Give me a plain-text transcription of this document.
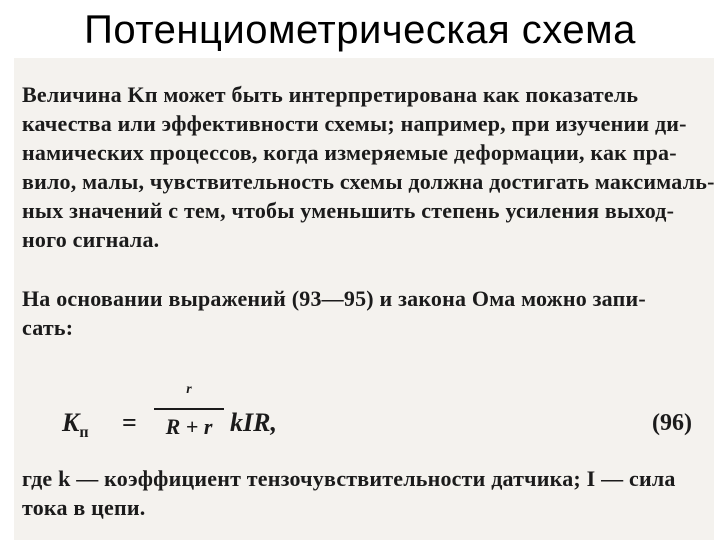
Потенциометрическая схема
Величина Kп может быть интерпретирована как показатель
качества или эффективности схемы; например, при изучении ди-
намических процессов, когда измеряемые деформации, как пра-
вило, малы, чувствительность схемы должна достигать максималь-
ных значений с тем, чтобы уменьшить степень усиления выход-
ного сигнала.
На основании выражений (93—95) и закона Ома можно запи-
сать:
$K_п$ =
r
R + r kIR,	(96)
где k — коэффициент тензочувствительности датчика; I — сила
тока в цепи.
